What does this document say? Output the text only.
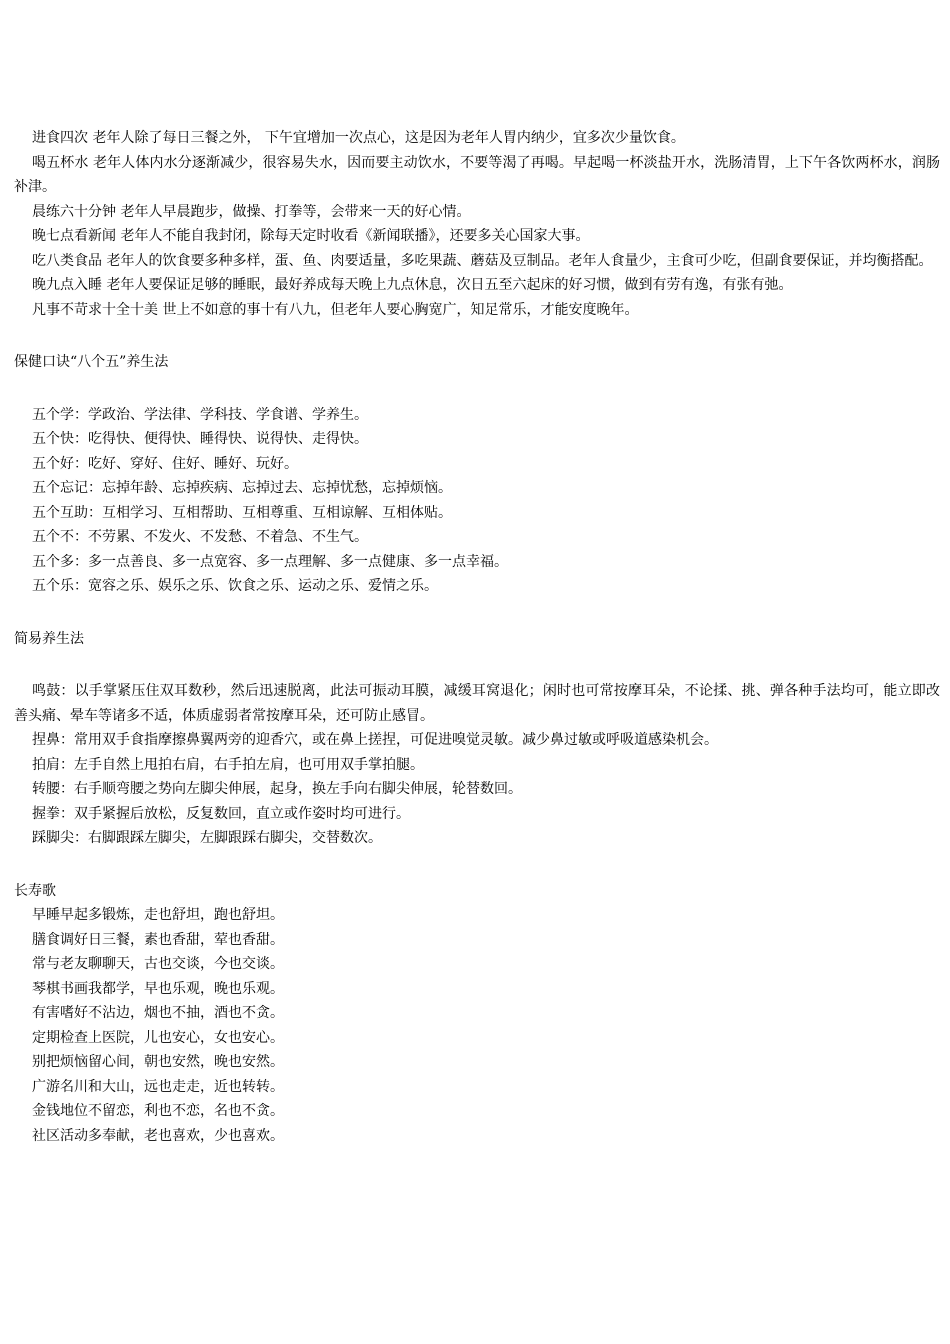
进食四次 老年人除了每日三餐之外， 下午宜增加一次点心，这是因为老年人胃内纳少，宜多次少量饮食。

喝五杯水 老年人体内水分逐渐减少，很容易失水，因而要主动饮水，不要等渴了再喝。早起喝一杯淡盐开水，洗肠清胃，上下午各饮两杯水，润肠补津。

晨练六十分钟 老年人早晨跑步，做操、打拳等，会带来一天的好心情。

晚七点看新闻 老年人不能自我封闭，除每天定时收看《新闻联播》，还要多关心国家大事。

吃八类食品 老年人的饮食要多种多样，蛋、鱼、肉要适量，多吃果蔬、蘑菇及豆制品。老年人食量少，主食可少吃，但副食要保证，并均衡搭配。

晚九点入睡 老年人要保证足够的睡眠，最好养成每天晚上九点休息，次日五至六起床的好习惯，做到有劳有逸，有张有弛。

凡事不苛求十全十美 世上不如意的事十有八九，但老年人要心胸宽广，知足常乐，才能安度晚年。

保健口诀“八个五”养生法

五个学：学政治、学法律、学科技、学食谱、学养生。

五个快：吃得快、便得快、睡得快、说得快、走得快。

五个好：吃好、穿好、住好、睡好、玩好。

五个忘记：忘掉年龄、忘掉疾病、忘掉过去、忘掉忧愁，忘掉烦恼。

五个互助：互相学习、互相帮助、互相尊重、互相谅解、互相体贴。

五个不：不劳累、不发火、不发愁、不着急、不生气。

五个多：多一点善良、多一点宽容、多一点理解、多一点健康、多一点幸福。

五个乐：宽容之乐、娱乐之乐、饮食之乐、运动之乐、爱情之乐。

简易养生法

鸣鼓：以手掌紧压住双耳数秒，然后迅速脱离，此法可振动耳膜，减缓耳窝退化；闲时也可常按摩耳朵，不论揉、挑、弹各种手法均可，能立即改善头痛、晕车等诸多不适，体质虚弱者常按摩耳朵，还可防止感冒。

捏鼻：常用双手食指摩擦鼻翼两旁的迎香穴，或在鼻上搓捏，可促进嗅觉灵敏。减少鼻过敏或呼吸道感染机会。

拍肩：左手自然上甩拍右肩，右手拍左肩，也可用双手掌拍腿。

转腰：右手顺弯腰之势向左脚尖伸展，起身，换左手向右脚尖伸展，轮替数回。

握拳：双手紧握后放松，反复数回，直立或作姿时均可进行。

踩脚尖：右脚跟踩左脚尖，左脚跟踩右脚尖，交替数次。

长寿歌

早睡早起多锻炼，走也舒坦，跑也舒坦。

膳食调好日三餐，素也香甜，荤也香甜。

常与老友聊聊天，古也交谈，今也交谈。

琴棋书画我都学，早也乐观，晚也乐观。

有害嗜好不沾边，烟也不抽，酒也不贪。

定期检查上医院，儿也安心，女也安心。

别把烦恼留心间，朝也安然，晚也安然。

广游名川和大山，远也走走，近也转转。

金钱地位不留恋，利也不恋，名也不贪。

社区活动多奉献，老也喜欢，少也喜欢。
